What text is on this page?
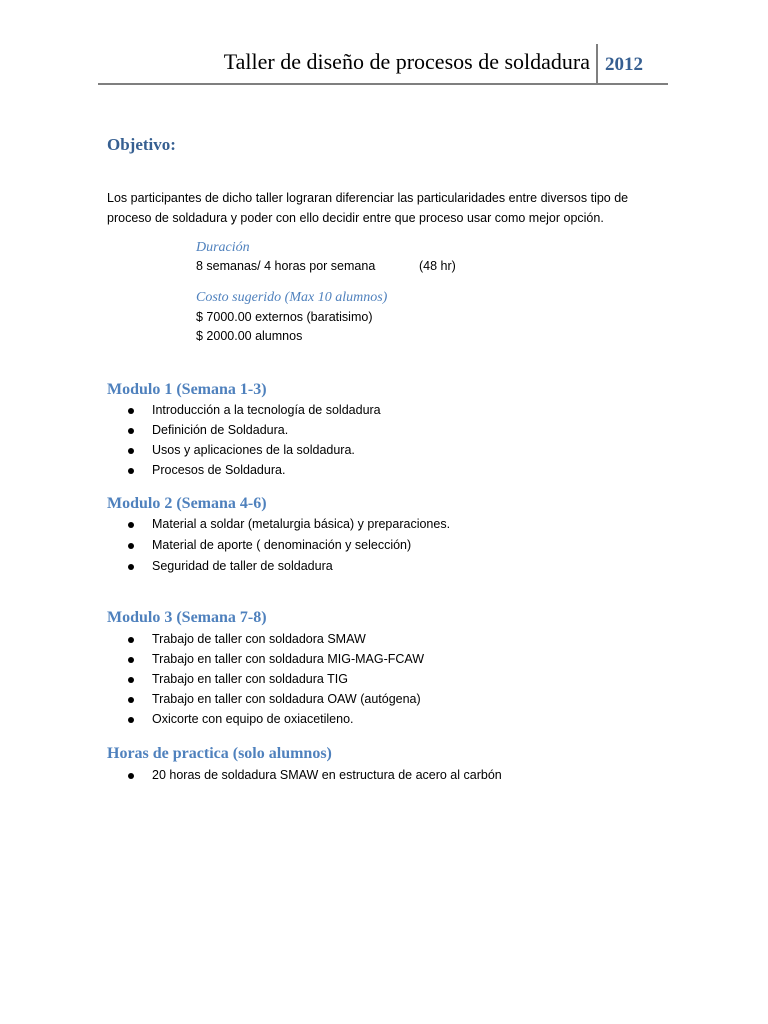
Taller de diseño de procesos de soldadura 2012
Objetivo:

Los participantes de dicho taller lograran diferenciar las particularidades entre diversos tipo de

proceso de soldadura y poder con ello decidir entre que proceso usar como mejor opción.

Duración
8 semanas/ 4 horas por semana	(48 hr)
Costo sugerido (Max 10 alumnos)
$ 7000.00 externos (baratisimo)
$ 2000.00 alumnos
Modulo 1 (Semana 1-3)
Introducción a la tecnología de soldadura
Definición de Soldadura.
Usos y aplicaciones de la soldadura.
Procesos de Soldadura.
Modulo 2 (Semana 4-6)
Material a soldar (metalurgia básica) y preparaciones.
Material de aporte ( denominación y selección)
Seguridad de taller de soldadura
Modulo 3 (Semana 7-8)
Trabajo de taller con soldadora SMAW
Trabajo en taller con soldadura MIG-MAG-FCAW
Trabajo en taller con soldadura TIG
Trabajo en taller con soldadura OAW (autógena)
Oxicorte con equipo de oxiacetileno.
Horas de practica (solo alumnos)
20 horas de soldadura SMAW en estructura de acero al carbón
